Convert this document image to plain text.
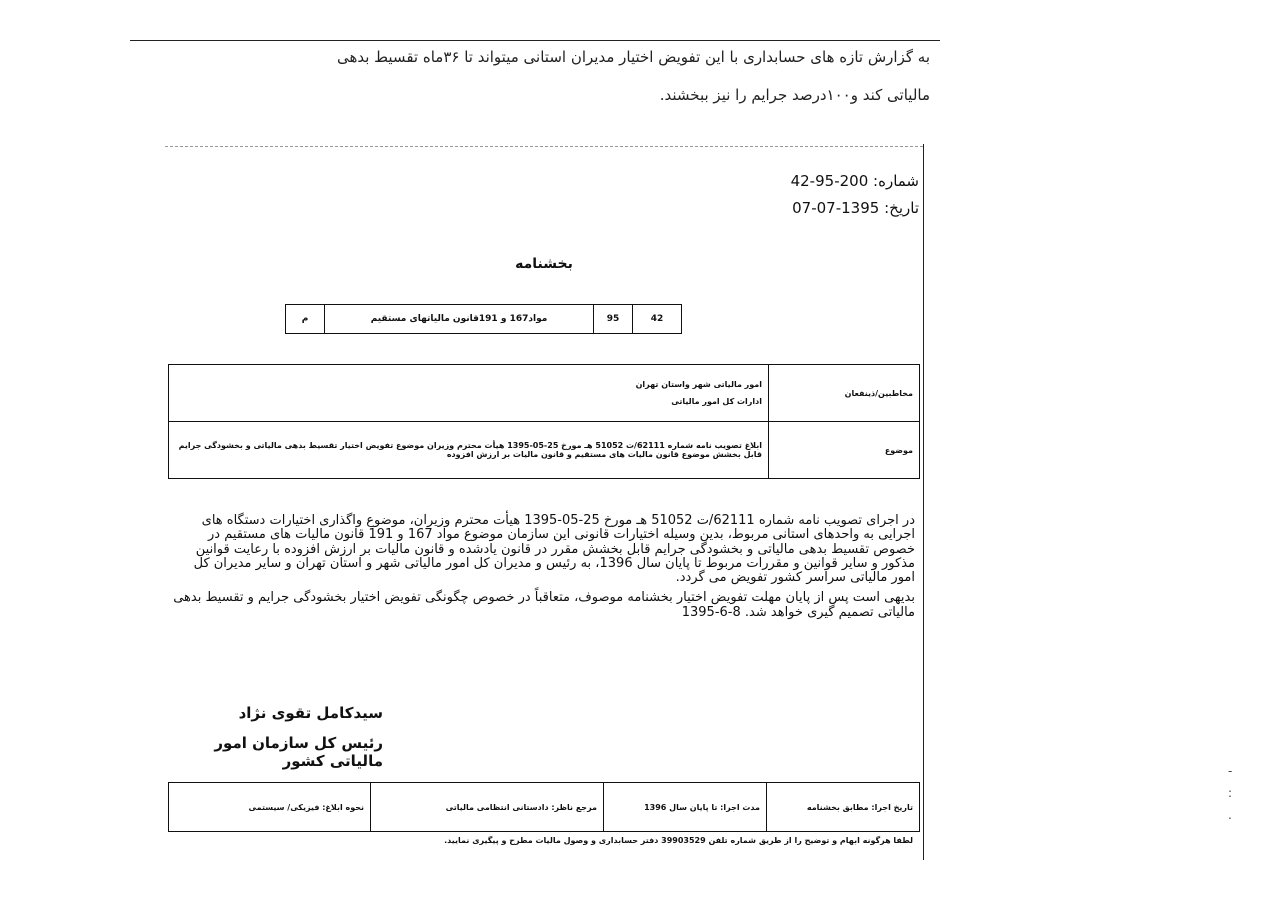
به گزارش تازه های حسابداری با این تفویض اختیار مدیران استانی میتواند تا ۳۶ماه تقسیط بدهی
مالیاتی کند و۱۰۰درصد جرایم را نیز ببخشند.
شماره: 200-95-42
تاریخ: 1395-07-07
بخشنامه
م	مواد167 و 191قانون مالیاتهای مستقیم	95	42
مخاطبین/ذینفعان	امور مالیاتی شهر واستان تهران
ادارات کل امور مالیاتی

موضوع	ابلاغ تصویب نامه شماره 62111/ت 51052 هـ مورخ 25-05-1395 هیأت محترم وزیران موضوع تفویض اختیار تقسیط بدهی مالیاتی و بخشودگی جرایم قابل بخشش موضوع قانون مالیات های مستقیم و قانون مالیات بر ارزش افزوده

در اجرای تصویب نامه شماره 62111/ت 51052 هـ مورخ 25-05-1395 هیأت محترم وزیران، موضوع واگذاری اختیارات دستگاه های اجرایی به واحدهای استانی مربوط، بدین وسیله اختیارات قانونی این سازمان موضوع مواد 167 و 191 قانون مالیات های مستقیم در خصوص تقسیط بدهی مالیاتی و بخشودگی جرایم قابل بخشش مقرر در قانون یادشده و قانون مالیات بر ارزش افزوده با رعایت قوانین مذکور و سایر قوانین و مقررات مربوط تا پایان سال 1396، به رئیس و مدیران کل امور مالیاتی شهر و استان تهران و سایر مدیران کل امور مالیاتی سراسر کشور تفویض می گردد.

بدیهی است پس از پایان مهلت تفویض اختیار بخشنامه موصوف، متعاقباً در خصوص چگونگی تفویض اختیار بخشودگی جرایم و تقسیط بدهی مالیاتی تصمیم گیری خواهد شد. 8-6-1395

سیدکامل تقوی نژاد
رئیس کل سازمان امور مالیاتی کشور
تاریخ اجرا: مطابق بخشنامه	مدت اجرا: تا پایان سال 1396	مرجع ناظر: دادستانی انتظامی مالیاتی	نحوه ابلاغ: فیزیکی/ سیستمی
لطفا هرگونه ابهام و توضیح را از طریق شماره تلفن 39903529 دفتر حسابداری و وصول مالیات مطرح و پیگیری نمایید.
-
:
.
